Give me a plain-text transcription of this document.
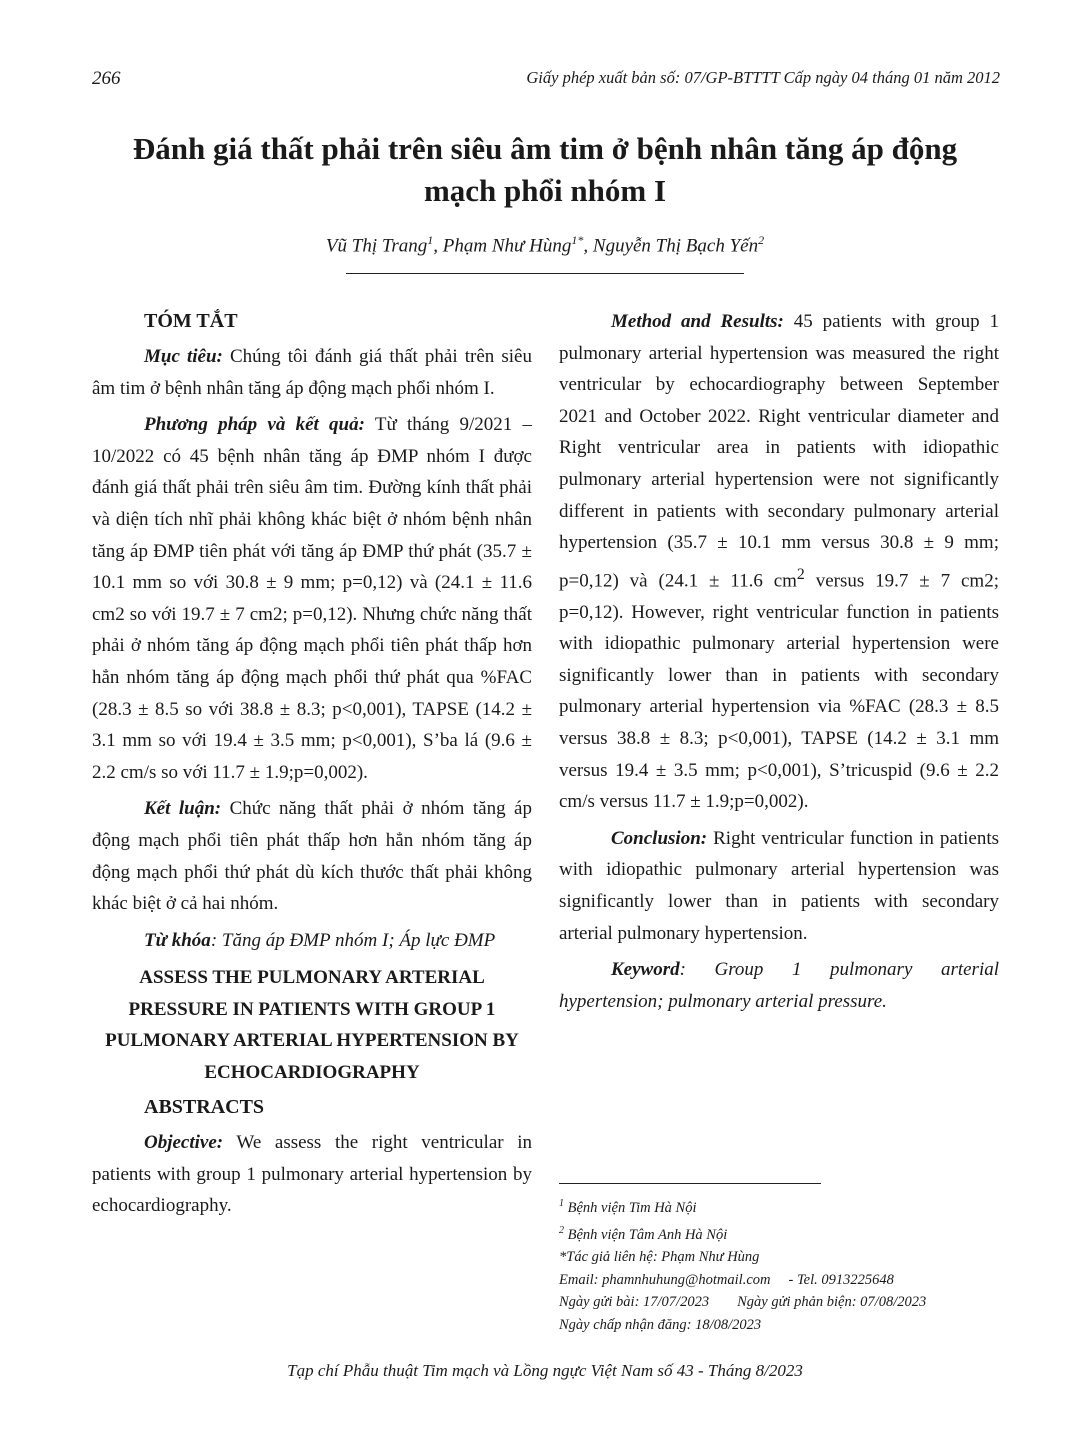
266	Giấy phép xuất bản số: 07/GP-BTTTT Cấp ngày 04 tháng 01 năm 2012
Đánh giá thất phải trên siêu âm tim ở bệnh nhân tăng áp động mạch phổi nhóm I
Vũ Thị Trang$^1$, Phạm Như Hùng$^{1*}$, Nguyễn Thị Bạch Yến$^2$
TÓM TẮT

Mục tiêu: Chúng tôi đánh giá thất phải trên siêu âm tim ở bệnh nhân tăng áp động mạch phổi nhóm I.

Phương pháp và kết quả: Từ tháng 9/2021 – 10/2022 có 45 bệnh nhân tăng áp ĐMP nhóm I được đánh giá thất phải trên siêu âm tim. Đường kính thất phải và diện tích nhĩ phải không khác biệt ở nhóm bệnh nhân tăng áp ĐMP tiên phát với tăng áp ĐMP thứ phát (35.7 ± 10.1 mm so với 30.8 ± 9 mm; p=0,12) và (24.1 ± 11.6 cm2 so với 19.7 ± 7 cm2; p=0,12). Nhưng chức năng thất phải ở nhóm tăng áp động mạch phổi tiên phát thấp hơn hẳn nhóm tăng áp động mạch phổi thứ phát qua %FAC (28.3 ± 8.5 so với 38.8 ± 8.3; p<0,001), TAPSE (14.2 ± 3.1 mm so với 19.4 ± 3.5 mm; p<0,001), S’ba lá (9.6 ± 2.2 cm/s so với 11.7 ± 1.9;p=0,002).

Kết luận: Chức năng thất phải ở nhóm tăng áp động mạch phổi tiên phát thấp hơn hẳn nhóm tăng áp động mạch phổi thứ phát dù kích thước thất phải không khác biệt ở cả hai nhóm.

Từ khóa: Tăng áp ĐMP nhóm I; Áp lực ĐMP

ASSESS THE PULMONARY ARTERIAL PRESSURE IN PATIENTS WITH GROUP 1 PULMONARY ARTERIAL HYPERTENSION BY ECHOCARDIOGRAPHY
ABSTRACTS

Objective: We assess the right ventricular in patients with group 1 pulmonary arterial hypertension by echocardiography.

Method and Results: 45 patients with group 1 pulmonary arterial hypertension was measured the right ventricular by echocardiography between September 2021 and October 2022. Right ventricular diameter and Right ventricular area in patients with idiopathic pulmonary arterial hypertension were not significantly different in patients with secondary pulmonary arterial hypertension (35.7 ± 10.1 mm versus 30.8 ± 9 mm; p=0,12) và (24.1 ± 11.6 $cm^2$ versus 19.7 ± 7 cm2; p=0,12). However, right ventricular function in patients with idiopathic pulmonary arterial hypertension were significantly lower than in patients with secondary pulmonary arterial hypertension via %FAC (28.3 ± 8.5 versus 38.8 ± 8.3; p<0,001), TAPSE (14.2 ± 3.1 mm versus 19.4 ± 3.5 mm; p<0,001), S’tricuspid (9.6 ± 2.2 cm/s versus 11.7 ± 1.9;p=0,002).

Conclusion: Right ventricular function in patients with idiopathic pulmonary arterial hypertension was significantly lower than in patients with secondary arterial pulmonary hypertension.

Keyword: Group 1 pulmonary arterial hypertension; pulmonary arterial pressure.

$^1$ Bệnh viện Tim Hà Nội
$^2$ Bệnh viện Tâm Anh Hà Nội
*Tác giả liên hệ: Phạm Như Hùng
Email: phamnhuhung@hotmail.com - Tel. 0913225648
Ngày gửi bài: 17/07/2023 Ngày gửi phản biện: 07/08/2023
Ngày chấp nhận đăng: 18/08/2023
Tạp chí Phẫu thuật Tim mạch và Lồng ngực Việt Nam số 43 - Tháng 8/2023
